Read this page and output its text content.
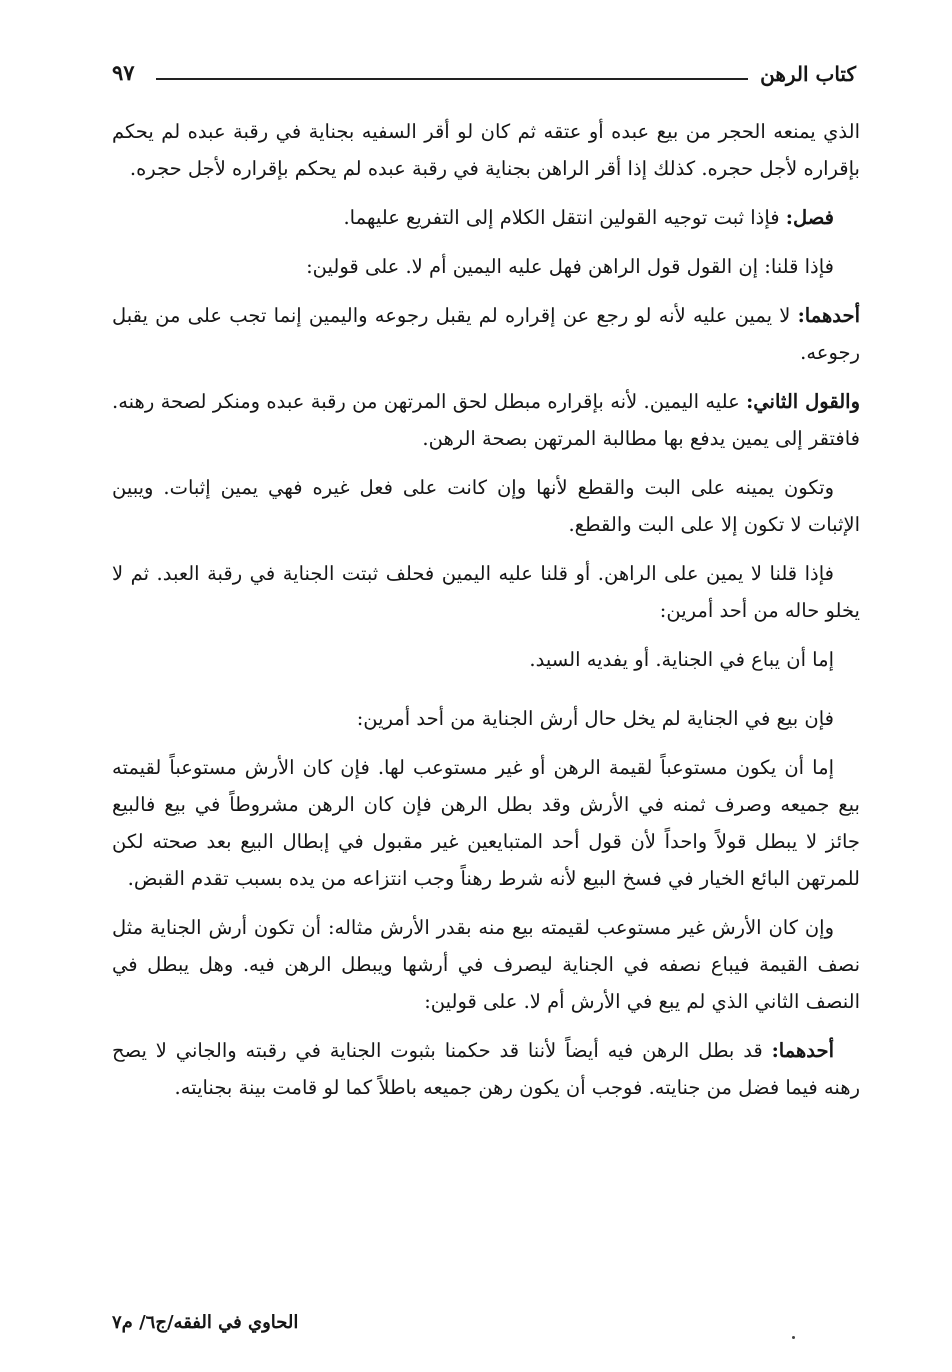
كتاب الرهن
٩٧

الذي يمنعه الحجر من بيع عبده أو عتقه ثم كان لو أقر السفيه بجناية في رقبة عبده لم يحكم بإقراره لأجل حجره. كذلك إذا أقر الراهن بجناية في رقبة عبده لم يحكم بإقراره لأجل حجره.

فصل: فإذا ثبت توجيه القولين انتقل الكلام إلى التفريع عليهما.

فإذا قلنا: إن القول قول الراهن فهل عليه اليمين أم لا. على قولين:

أحدهما: لا يمين عليه لأنه لو رجع عن إقراره لم يقبل رجوعه واليمين إنما تجب على من يقبل رجوعه.

والقول الثاني: عليه اليمين. لأنه بإقراره مبطل لحق المرتهن من رقبة عبده ومنكر لصحة رهنه. فافتقر إلى يمين يدفع بها مطالبة المرتهن بصحة الرهن.

وتكون يمينه على البت والقطع لأنها وإن كانت على فعل غيره فهي يمين إثبات. ويبين الإثبات لا تكون إلا على البت والقطع.

فإذا قلنا لا يمين على الراهن. أو قلنا عليه اليمين فحلف ثبتت الجناية في رقبة العبد. ثم لا يخلو حاله من أحد أمرين:

إما أن يباع في الجناية. أو يفديه السيد.

فإن بيع في الجناية لم يخل حال أرش الجناية من أحد أمرين:

إما أن يكون مستوعباً لقيمة الرهن أو غير مستوعب لها. فإن كان الأرش مستوعباً لقيمته بيع جميعه وصرف ثمنه في الأرش وقد بطل الرهن فإن كان الرهن مشروطاً في بيع فالبيع جائز لا يبطل قولاً واحداً لأن قول أحد المتبايعين غير مقبول في إبطال البيع بعد صحته لكن للمرتهن البائع الخيار في فسخ البيع لأنه شرط رهناً وجب انتزاعه من يده بسبب تقدم القبض.

وإن كان الأرش غير مستوعب لقيمته بيع منه بقدر الأرش مثاله: أن تكون أرش الجناية مثل نصف القيمة فيباع نصفه في الجناية ليصرف في أرشها ويبطل الرهن فيه. وهل يبطل في النصف الثاني الذي لم يبع في الأرش أم لا. على قولين:

أحدهما: قد بطل الرهن فيه أيضاً لأننا قد حكمنا بثبوت الجناية في رقبته والجاني لا يصح رهنه فيما فضل من جنايته. فوجب أن يكون رهن جميعه باطلاً كما لو قامت بينة بجنايته.

الحاوي في الفقه/ج٦/ م٧
